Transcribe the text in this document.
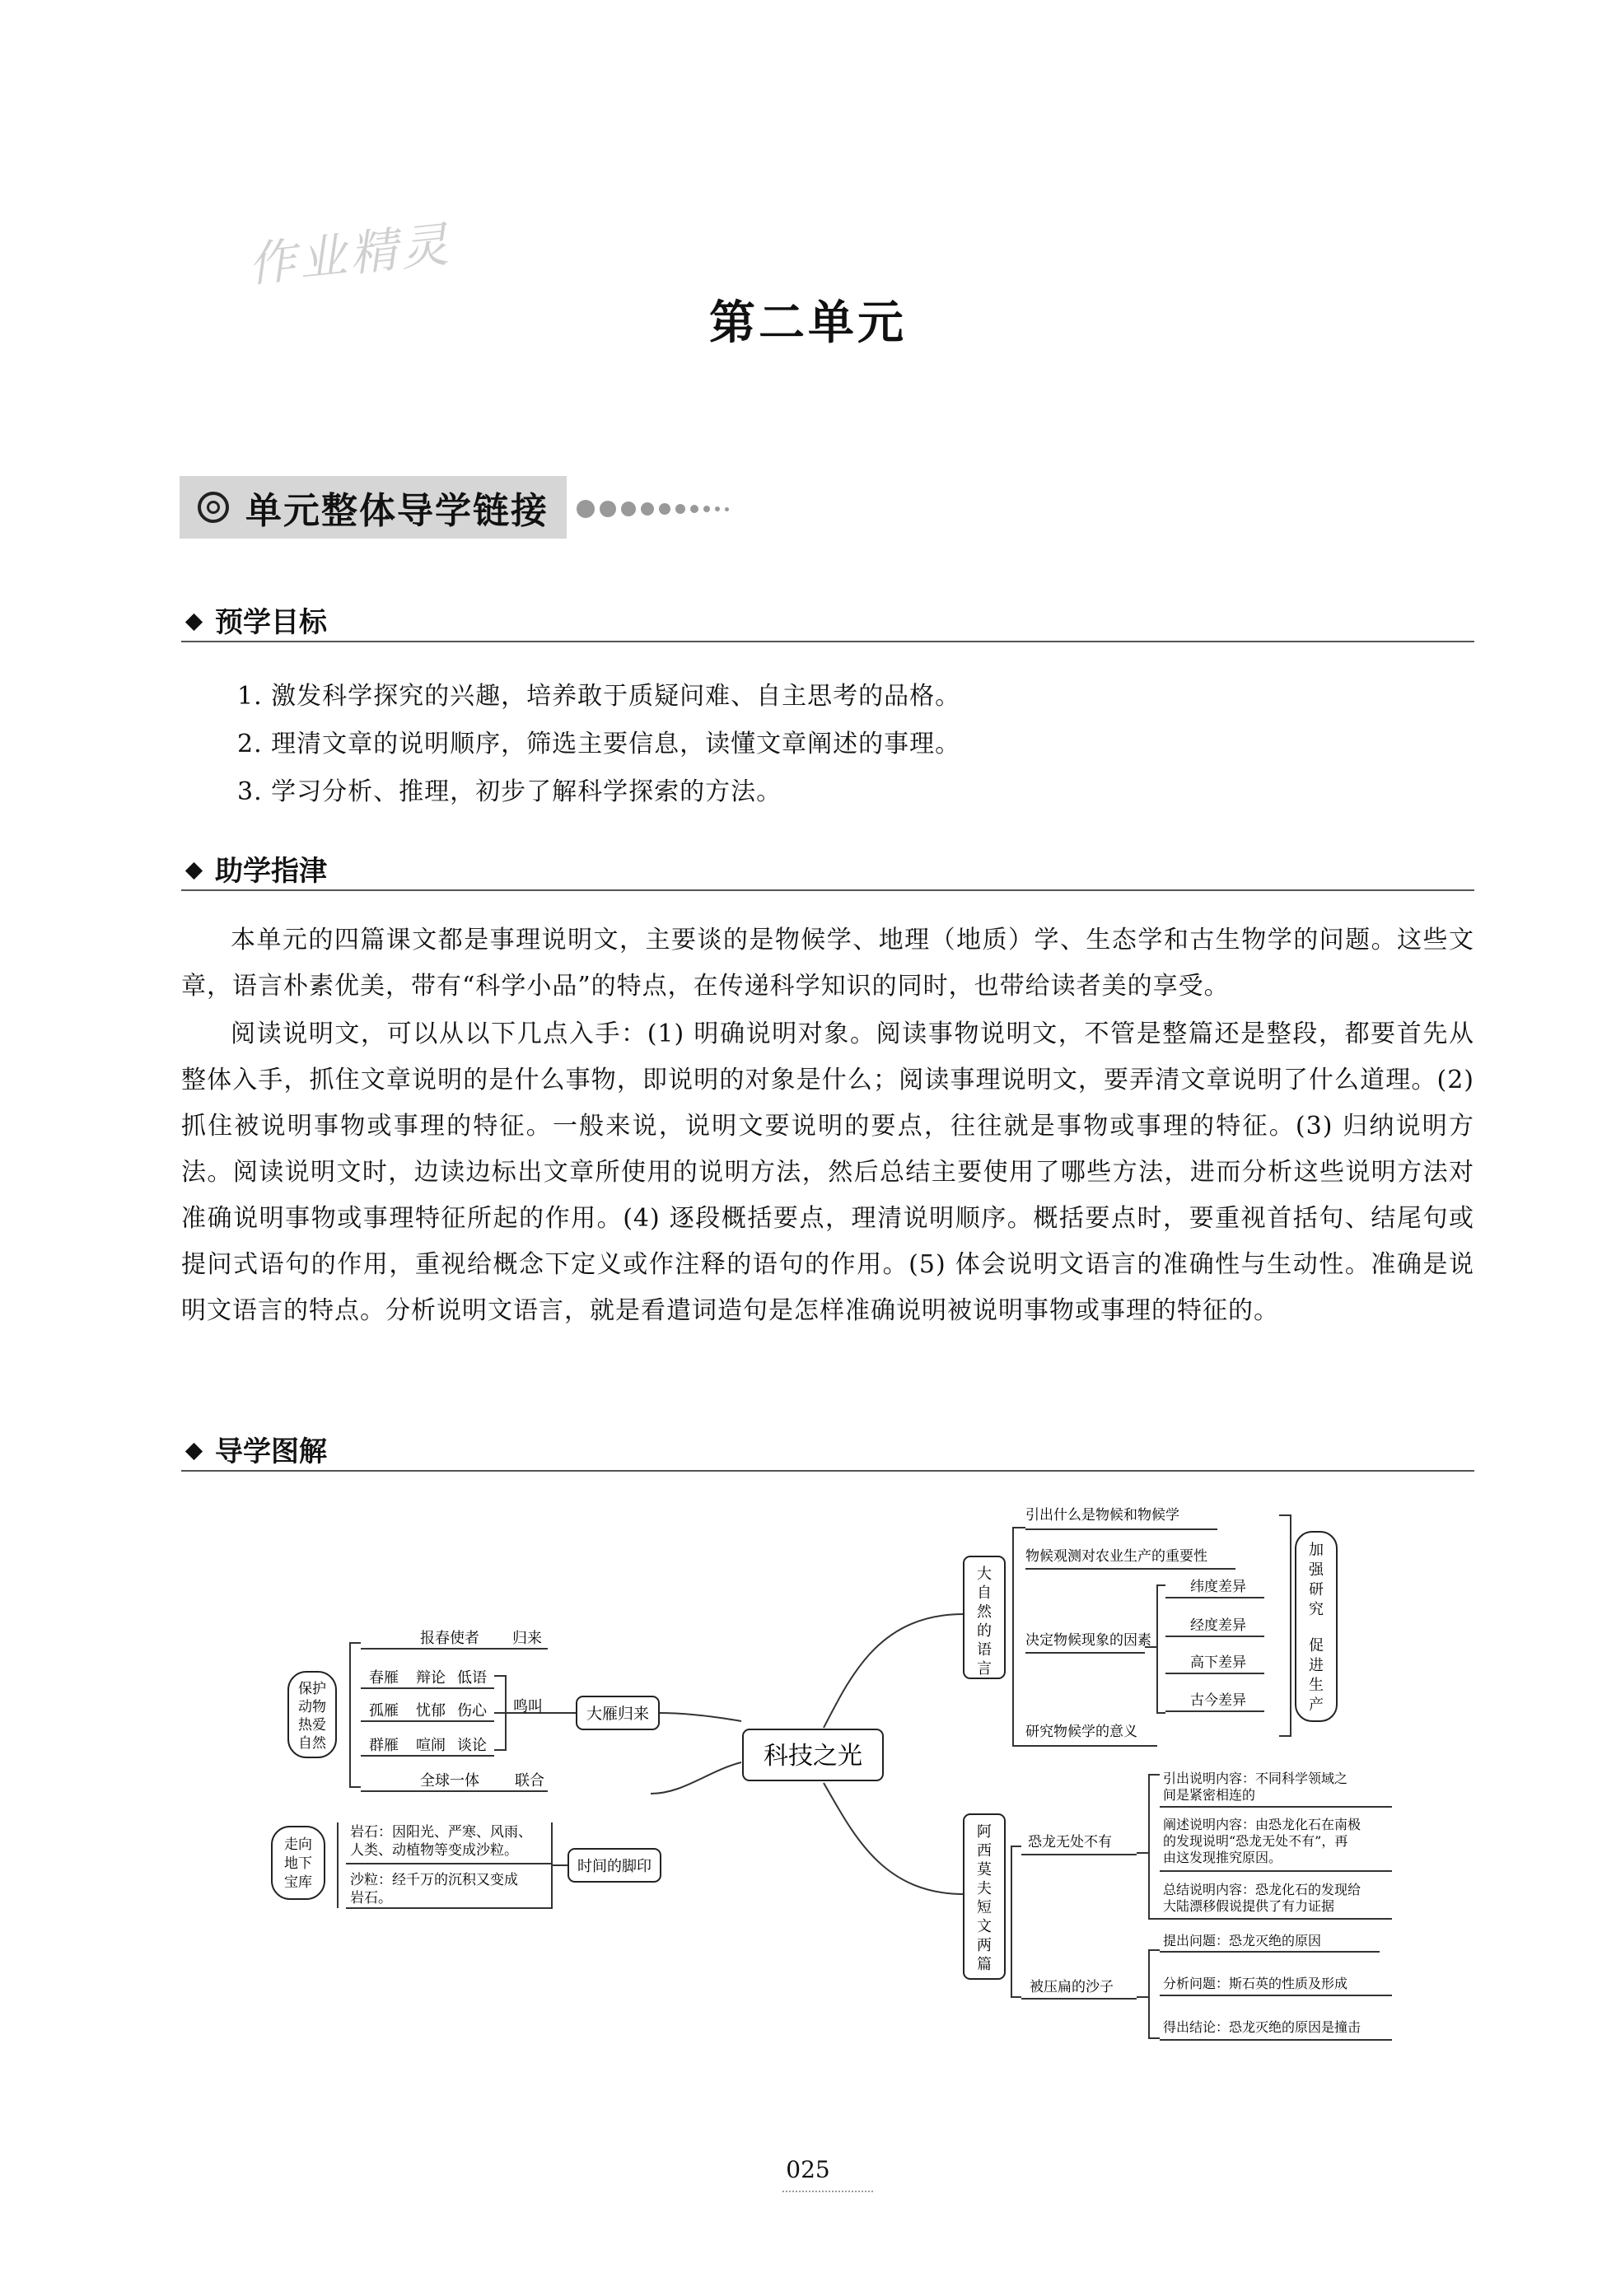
作业精灵
第二单元
单元整体导学链接
预学目标
1. 激发科学探究的兴趣，培养敢于质疑问难、自主思考的品格。
2. 理清文章的说明顺序，筛选主要信息，读懂文章阐述的事理。
3. 学习分析、推理，初步了解科学探索的方法。
助学指津
本单元的四篇课文都是事理说明文，主要谈的是物候学、地理（地质）学、生态学和古生物学的问题。这些文章，语言朴素优美，带有“科学小品”的特点，在传递科学知识的同时，也带给读者美的享受。
阅读说明文，可以从以下几点入手：(1) 明确说明对象。阅读事物说明文，不管是整篇还是整段，都要首先从整体入手，抓住文章说明的是什么事物，即说明的对象是什么；阅读事理说明文，要弄清文章说明了什么道理。(2) 抓住被说明事物或事理的特征。一般来说，说明文要说明的要点，往往就是事物或事理的特征。(3) 归纳说明方法。阅读说明文时，边读边标出文章所使用的说明方法，然后总结主要使用了哪些方法，进而分析这些说明方法对准确说明事物或事理特征所起的作用。(4) 逐段概括要点，理清说明顺序。概括要点时，要重视首括句、结尾句或提问式语句的作用，重视给概念下定义或作注释的语句的作用。(5) 体会说明文语言的准确性与生动性。准确是说明文语言的特点。分析说明文语言，就是看遣词造句是怎样准确说明被说明事物或事理的特征的。
导学图解
科技之光
大雁归来
保护
动物
热爱
自然
报春使者 归来
春雁 辩论 低语
孤雁 忧郁 伤心 鸣叫
群雁 喧闹 谈论
全球一体 联合
时间的脚印
走向
地下
宝库
岩石：因阳光、严寒、风雨、
人类、动植物等变成沙粒。
沙粒：经千万的沉积又变成
岩石。
大
自
然
的
语
言
引出什么是物候和物候学
物候观测对农业生产的重要性
决定物候现象的因素
研究物候学的意义
纬度差异
经度差异
高下差异
古今差异
加
强
研
究
促
进
生
产
阿
西
莫
夫
短
文
两
篇
恐龙无处不有
引出说明内容：不同科学领域之
间是紧密相连的
阐述说明内容：由恐龙化石在南极
的发现说明“恐龙无处不有”，再
由这发现推究原因。
总结说明内容：恐龙化石的发现给
大陆漂移假说提供了有力证据
被压扁的沙子
提出问题：恐龙灭绝的原因
分析问题：斯石英的性质及形成
得出结论：恐龙灭绝的原因是撞击
025
